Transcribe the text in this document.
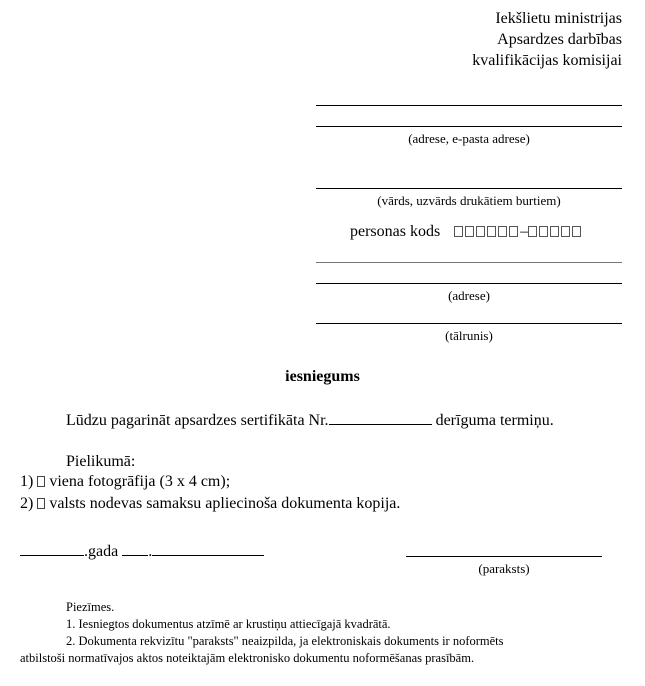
Iekšlietu ministrijas
Apsardzes darbības
kvalifikācijas komisijai
(adrese, e-pasta adrese)
(vārds, uzvārds drukātiem burtiem)
personas kods	–
(adrese)
(tālrunis)
iesniegums
Lūdzu pagarināt apsardzes sertifikāta Nr.	derīguma termiņu.
Pielikumā:
1) viena fotogrāfija (3 x 4 cm);
2) valsts nodevas samaksu apliecinoša dokumenta kopija.
.gada .
(paraksts)
Piezīmes.
1. Iesniegtos dokumentus atzīmē ar krustiņu attiecīgajā kvadrātā.
2. Dokumenta rekvizītu "paraksts" neaizpilda, ja elektroniskais dokuments ir noformēts
atbilstoši normatīvajos aktos noteiktajām elektronisko dokumentu noformēšanas prasībām.
